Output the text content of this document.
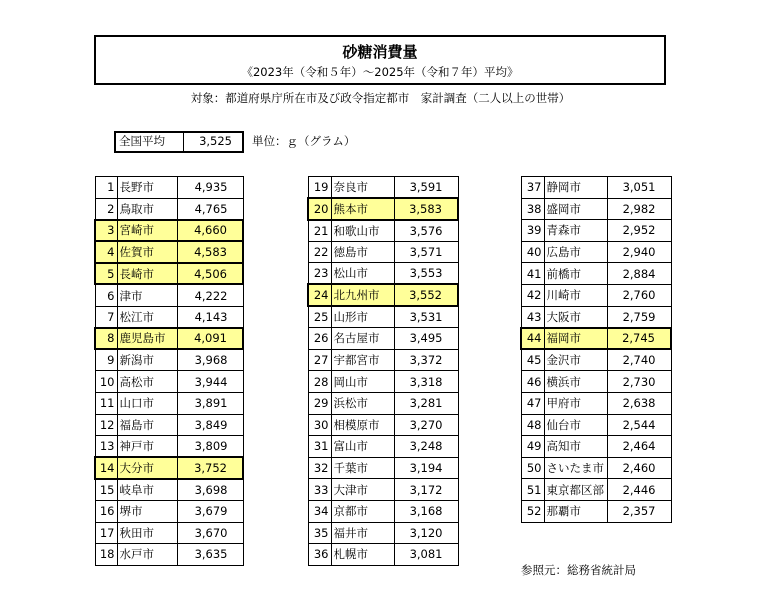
砂糖消費量
《2023年（令和５年）～2025年（令和７年）平均》
対象：都道府県庁所在市及び政令指定都市　家計調査（二人以上の世帯）
全国平均	3,525	単位：ｇ（グラム）
1	長野市	4,935
2	鳥取市	4,765
3	宮崎市	4,660
4	佐賀市	4,583
5	長崎市	4,506
6	津市	4,222
7	松江市	4,143
8	鹿児島市	4,091
9	新潟市	3,968
10	高松市	3,944
11	山口市	3,891
12	福島市	3,849
13	神戸市	3,809
14	大分市	3,752
15	岐阜市	3,698
16	堺市	3,679
17	秋田市	3,670
18	水戸市	3,635
19	奈良市	3,591
20	熊本市	3,583
21	和歌山市	3,576
22	徳島市	3,571
23	松山市	3,553
24	北九州市	3,552
25	山形市	3,531
26	名古屋市	3,495
27	宇都宮市	3,372
28	岡山市	3,318
29	浜松市	3,281
30	相模原市	3,270
31	富山市	3,248
32	千葉市	3,194
33	大津市	3,172
34	京都市	3,168
35	福井市	3,120
36	札幌市	3,081
37	静岡市	3,051
38	盛岡市	2,982
39	青森市	2,952
40	広島市	2,940
41	前橋市	2,884
42	川崎市	2,760
43	大阪市	2,759
44	福岡市	2,745
45	金沢市	2,740
46	横浜市	2,730
47	甲府市	2,638
48	仙台市	2,544
49	高知市	2,464
50	さいたま市	2,460
51	東京都区部	2,446
52	那覇市	2,357
参照元：総務省統計局
